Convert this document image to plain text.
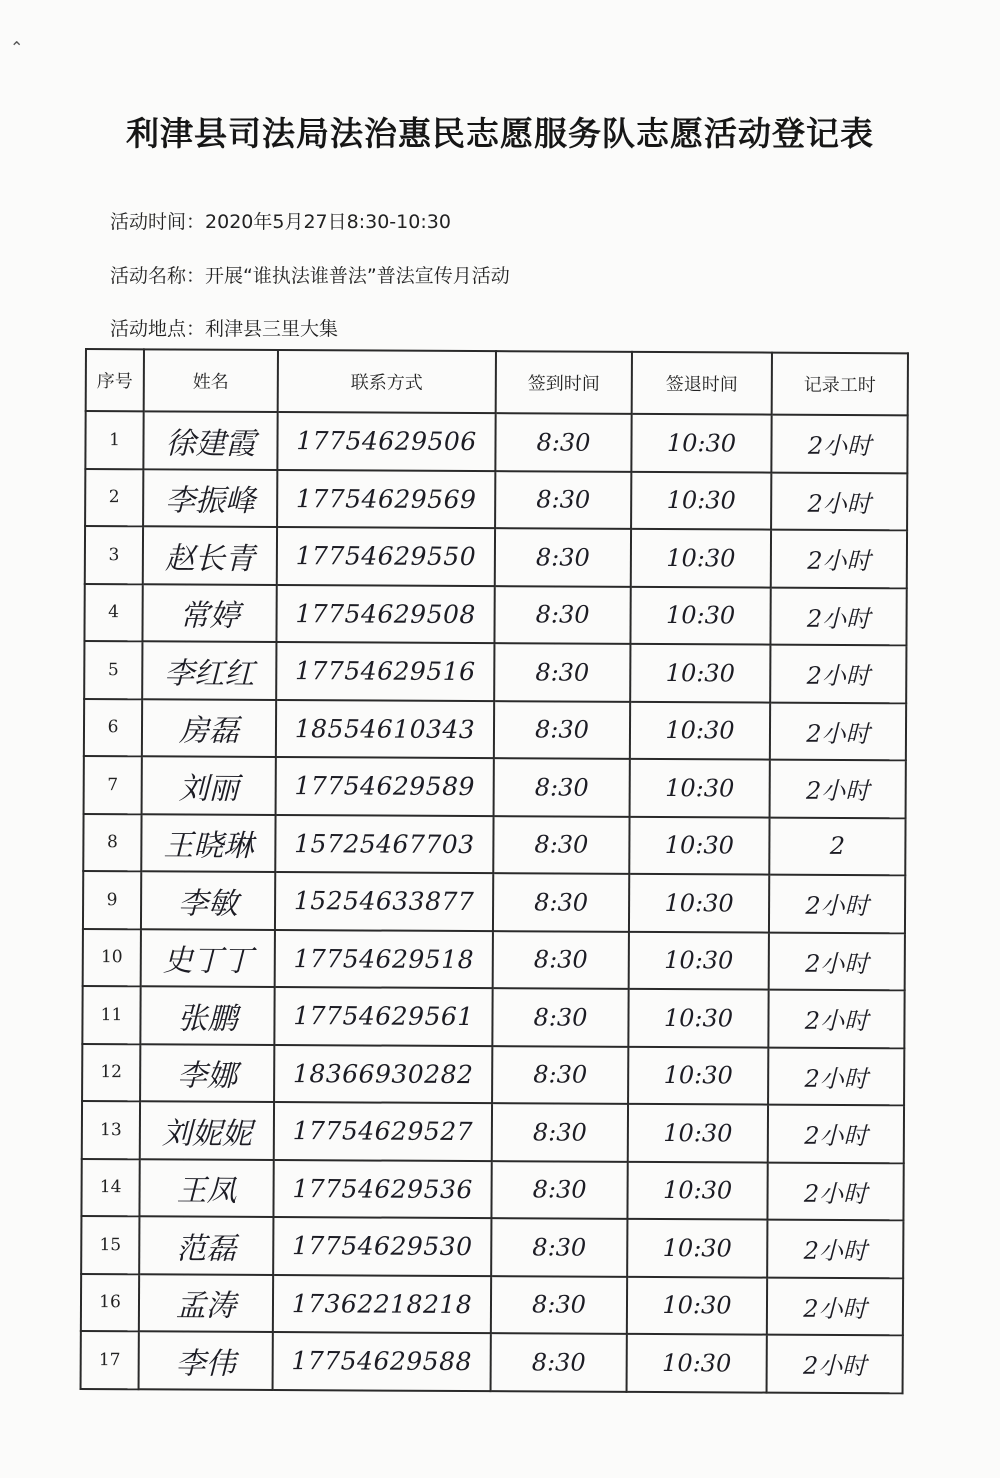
⌃
利津县司法局法治惠民志愿服务队志愿活动登记表
活动时间：2020年5月27日8:30-10:30
活动名称：开展“谁执法谁普法”普法宣传月活动
活动地点：利津县三里大集
序号	姓名	联系方式	签到时间	签退时间	记录工时
1	徐建霞	17754629506	8:30	10:30	2小时
2	李振峰	17754629569	8:30	10:30	2小时
3	赵长青	17754629550	8:30	10:30	2小时
4	常婷	17754629508	8:30	10:30	2小时
5	李红红	17754629516	8:30	10:30	2小时
6	房磊	18554610343	8:30	10:30	2小时
7	刘丽	17754629589	8:30	10:30	2小时
8	王晓琳	15725467703	8:30	10:30	2
9	李敏	15254633877	8:30	10:30	2小时
10	史丁丁	17754629518	8:30	10:30	2小时
11	张鹏	17754629561	8:30	10:30	2小时
12	李娜	18366930282	8:30	10:30	2小时
13	刘妮妮	17754629527	8:30	10:30	2小时
14	王凤	17754629536	8:30	10:30	2小时
15	范磊	17754629530	8:30	10:30	2小时
16	孟涛	17362218218	8:30	10:30	2小时
17	李伟	17754629588	8:30	10:30	2小时
